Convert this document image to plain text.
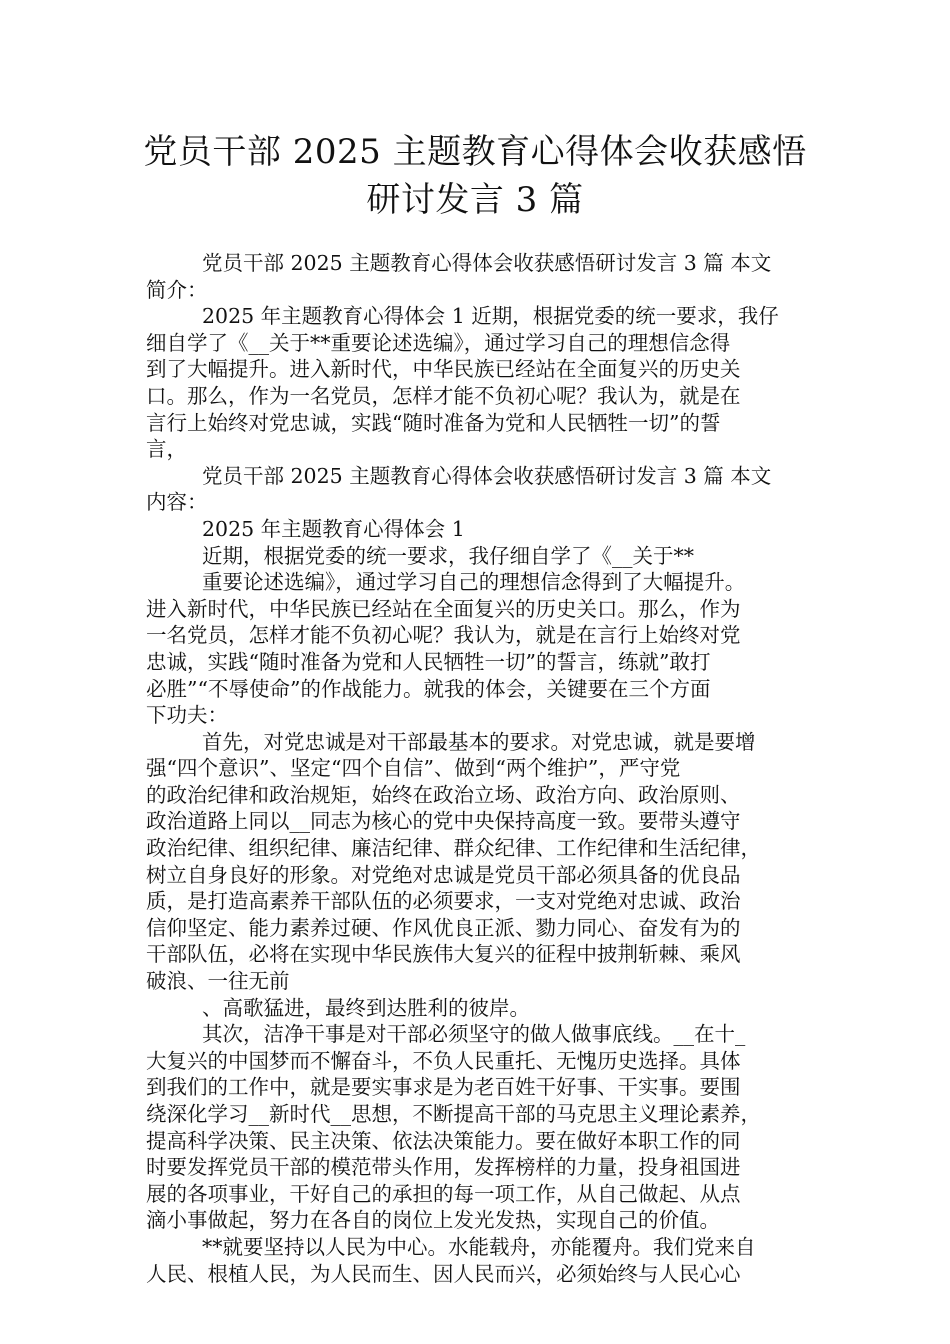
党员干部 2025 主题教育心得体会收获感悟
研讨发言 3 篇
党员干部 2025 主题教育心得体会收获感悟研讨发言 3 篇 本文
简介：
2025 年主题教育心得体会 1 近期，根据党委的统一要求，我仔
细自学了《__关于**重要论述选编》，通过学习自己的理想信念得
到了大幅提升。进入新时代，中华民族已经站在全面复兴的历史关
口。那么，作为一名党员，怎样才能不负初心呢？我认为，就是在
言行上始终对党忠诚，实践“随时准备为党和人民牺牲一切”的誓
言，
党员干部 2025 主题教育心得体会收获感悟研讨发言 3 篇 本文
内容：
2025 年主题教育心得体会 1
近期，根据党委的统一要求，我仔细自学了《__关于**
重要论述选编》，通过学习自己的理想信念得到了大幅提升。
进入新时代，中华民族已经站在全面复兴的历史关口。那么，作为
一名党员，怎样才能不负初心呢？我认为，就是在言行上始终对党
忠诚，实践“随时准备为党和人民牺牲一切”的誓言，练就”敢打
必胜”“不辱使命”的作战能力。就我的体会，关键要在三个方面
下功夫：
首先，对党忠诚是对干部最基本的要求。对党忠诚，就是要增
强“四个意识”、坚定“四个自信”、做到“两个维护”，严守党
的政治纪律和政治规矩，始终在政治立场、政治方向、政治原则、
政治道路上同以__同志为核心的党中央保持高度一致。要带头遵守
政治纪律、组织纪律、廉洁纪律、群众纪律、工作纪律和生活纪律，
树立自身良好的形象。对党绝对忠诚是党员干部必须具备的优良品
质，是打造高素养干部队伍的必须要求，一支对党绝对忠诚、政治
信仰坚定、能力素养过硬、作风优良正派、勠力同心、奋发有为的
干部队伍，必将在实现中华民族伟大复兴的征程中披荆斩棘、乘风
破浪、一往无前
、高歌猛进，最终到达胜利的彼岸。
其次，洁净干事是对干部必须坚守的做人做事底线。__在十_
大复兴的中国梦而不懈奋斗，不负人民重托、无愧历史选择。具体
到我们的工作中，就是要实事求是为老百姓干好事、干实事。要围
绕深化学习__新时代__思想，不断提高干部的马克思主义理论素养，
提高科学决策、民主决策、依法决策能力。要在做好本职工作的同
时要发挥党员干部的模范带头作用，发挥榜样的力量，投身祖国进
展的各项事业，干好自己的承担的每一项工作，从自己做起、从点
滴小事做起，努力在各自的岗位上发光发热，实现自己的价值。
**就要坚持以人民为中心。水能载舟，亦能覆舟。我们党来自
人民、根植人民，为人民而生、因人民而兴，必须始终与人民心心
